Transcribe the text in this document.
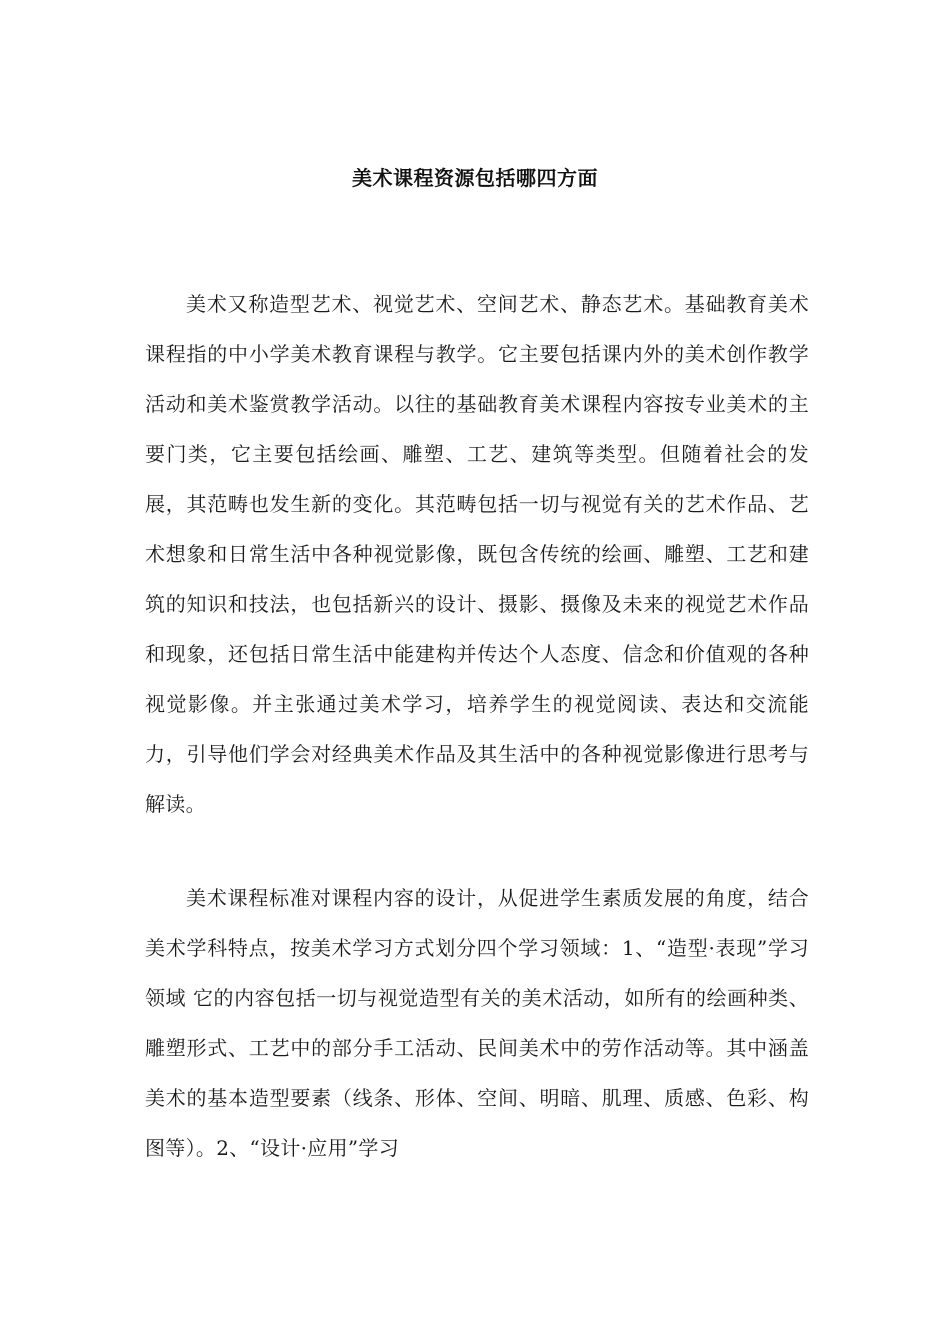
美术课程资源包括哪四方面

美术又称造型艺术、视觉艺术、空间艺术、静态艺术。基础教育美术课程指的中小学美术教育课程与教学。它主要包括课内外的美术创作教学活动和美术鉴赏教学活动。以往的基础教育美术课程内容按专业美术的主要门类，它主要包括绘画、雕塑、工艺、建筑等类型。但随着社会的发展，其范畴也发生新的变化。其范畴包括一切与视觉有关的艺术作品、艺术想象和日常生活中各种视觉影像，既包含传统的绘画、雕塑、工艺和建筑的知识和技法，也包括新兴的设计、摄影、摄像及未来的视觉艺术作品和现象，还包括日常生活中能建构并传达个人态度、信念和价值观的各种视觉影像。并主张通过美术学习，培养学生的视觉阅读、表达和交流能力，引导他们学会对经典美术作品及其生活中的各种视觉影像进行思考与解读。

美术课程标准对课程内容的设计，从促进学生素质发展的角度，结合美术学科特点，按美术学习方式划分四个学习领域：1、“造型·表现”学习领域 它的内容包括一切与视觉造型有关的美术活动，如所有的绘画种类、雕塑形式、工艺中的部分手工活动、民间美术中的劳作活动等。其中涵盖美术的基本造型要素（线条、形体、空间、明暗、肌理、质感、色彩、构图等）。2、“设计·应用”学习
